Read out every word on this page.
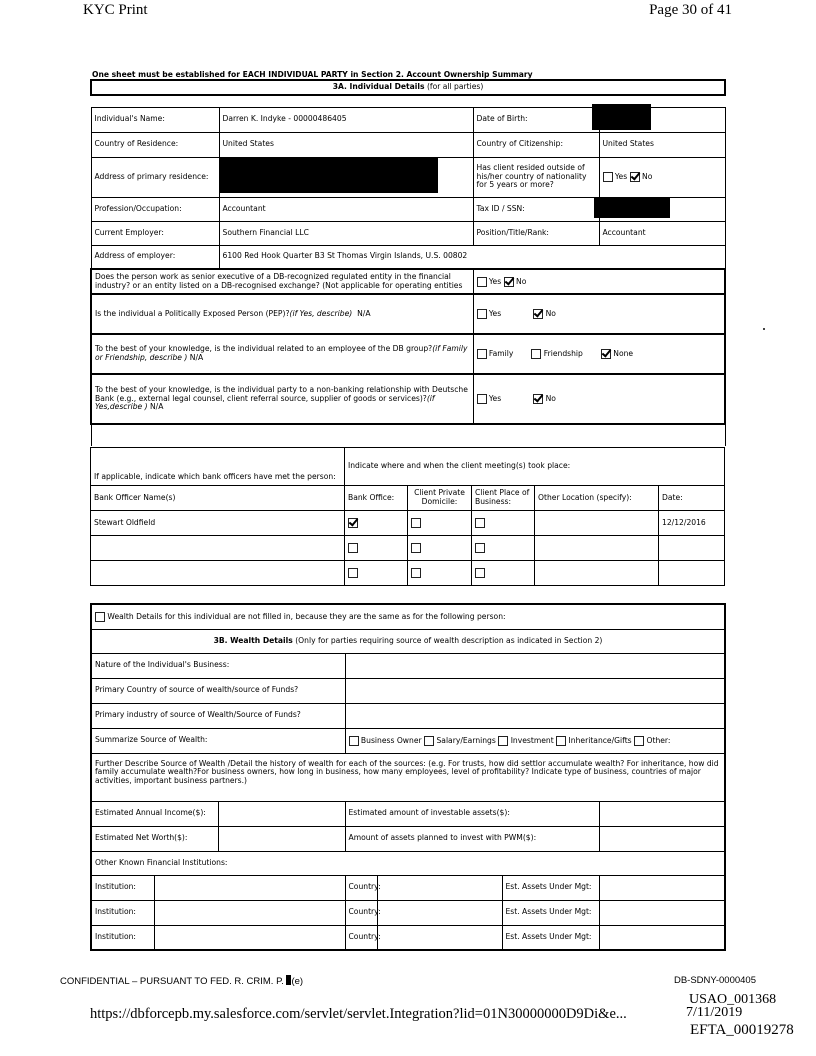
KYC Print	Page 30 of 41
One sheet must be established for EACH INDIVIDUAL PARTY in Section 2. Account Ownership Summary
3A. Individual Details (for all parties)			

Individual's Name:	Darren K. Indyke - 00000486405	Date of Birth:	
Country of Residence:	United States	Country of Citizenship:	United States
Address of primary residence:		Has client resided outside of his/her country of nationality for 5 years or more?	Yes No
Profession/Occupation:	Accountant	Tax ID / SSN:	
Current Employer:	Southern Financial LLC	Position/Title/Rank:	Accountant
Address of employer:	6100 Red Hook Quarter B3 St Thomas Virgin Islands, U.S. 00802		
Does the person work as senior executive of a DB-recognized regulated entity in the financial industry? or an entity listed on a DB-recognised exchange? (Not applicable for operating entities		Yes No	
Is the individual a Politically Exposed Person (PEP)?(if Yes, describe) N/A		Yes No	
To the best of your knowledge, is the individual related to an employee of the DB group?(if Family or Friendship, describe ) N/A		Family Friendship None	
To the best of your knowledge, is the individual party to a non-banking relationship with Deutsche Bank (e.g., external legal counsel, client referral source, supplier of goods or services)?(if Yes,describe ) N/A		Yes No	

If applicable, indicate which bank officers have met the person:	Indicate where and when the client meeting(s) took place:				
Bank Officer Name(s)	Bank Office:	Client Private Domicile:	Client Place of Business:	Other Location (specify):	Date:
Stewart Oldfield					12/12/2016

Wealth Details for this individual are not filled in, because they are the same as for the following person:						
3B. Wealth Details (Only for parties requiring source of wealth description as indicated in Section 2)						
Nature of the Individual's Business:						
Primary Country of source of wealth/source of Funds?						
Primary industry of source of Wealth/Source of Funds?						
Summarize Source of Wealth:			Business Owner Salary/Earnings Investment Inheritance/Gifts Other:			
Further Describe Source of Wealth /Detail the history of wealth for each of the sources: (e.g. For trusts, how did settlor accumulate wealth? For inheritance, how did family accumulate wealth?For business owners, how long in business, how many employees, level of profitability? Indicate type of business, countries of major activities, important business partners.)						
Estimated Annual Income($):			Estimated amount of investable assets($):			
Estimated Net Worth($):			Amount of assets planned to invest with PWM($):			
Other Known Financial Institutions:						
Institution:			Country:		Est. Assets Under Mgt:	
Institution:			Country:		Est. Assets Under Mgt:	
Institution:			Country:		Est. Assets Under Mgt:	
CONFIDENTIAL – PURSUANT TO FED. R. CRIM. P. (e)	DB-SDNY-0000405
USAO_001368
https://dbforcepb.my.salesforce.com/servlet/servlet.Integration?lid=01N30000000D9Di&e...	7/11/2019
EFTA_00019278
